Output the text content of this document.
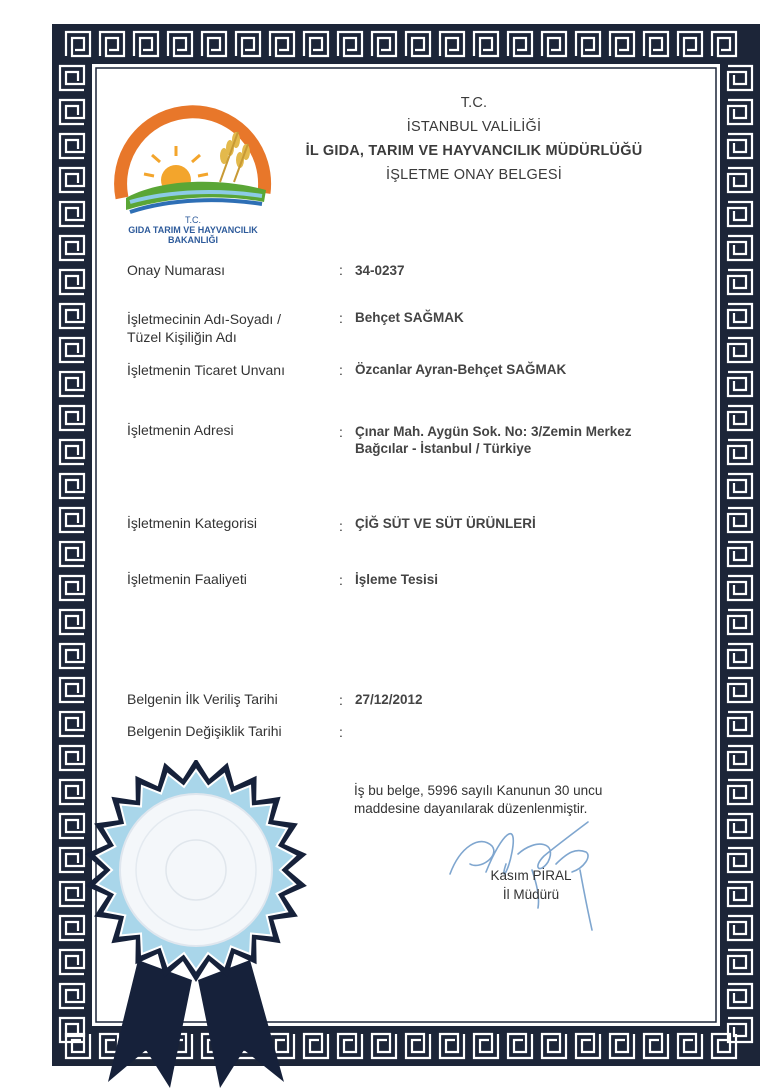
T.C.
GIDA TARIM VE HAYVANCILIK
BAKANLIĞI
T.C.
İSTANBUL VALİLİĞİ
İL GIDA, TARIM VE HAYVANCILIK MÜDÜRLÜĞÜ
İŞLETME ONAY BELGESİ
Onay Numarası	: 34-0237
İşletmecinin Adı-Soyadı /
Tüzel Kişiliğin Adı
: Behçet SAĞMAK
İşletmenin Ticaret Unvanı	: Özcanlar Ayran-Behçet SAĞMAK
İşletmenin Adresi	: Çınar Mah. Aygün Sok. No: 3/Zemin Merkez
Bağcılar - İstanbul / Türkiye
İşletmenin Kategorisi	: ÇİĞ SÜT VE SÜT ÜRÜNLERİ
İşletmenin Faaliyeti	: İşleme Tesisi
Belgenin İlk Veriliş Tarihi	: 27/12/2012
Belgenin Değişiklik Tarihi	:
İş bu belge, 5996 sayılı Kanunun 30 uncu
maddesine dayanılarak düzenlenmiştir.
Kasım PİRAL
İl Müdürü
